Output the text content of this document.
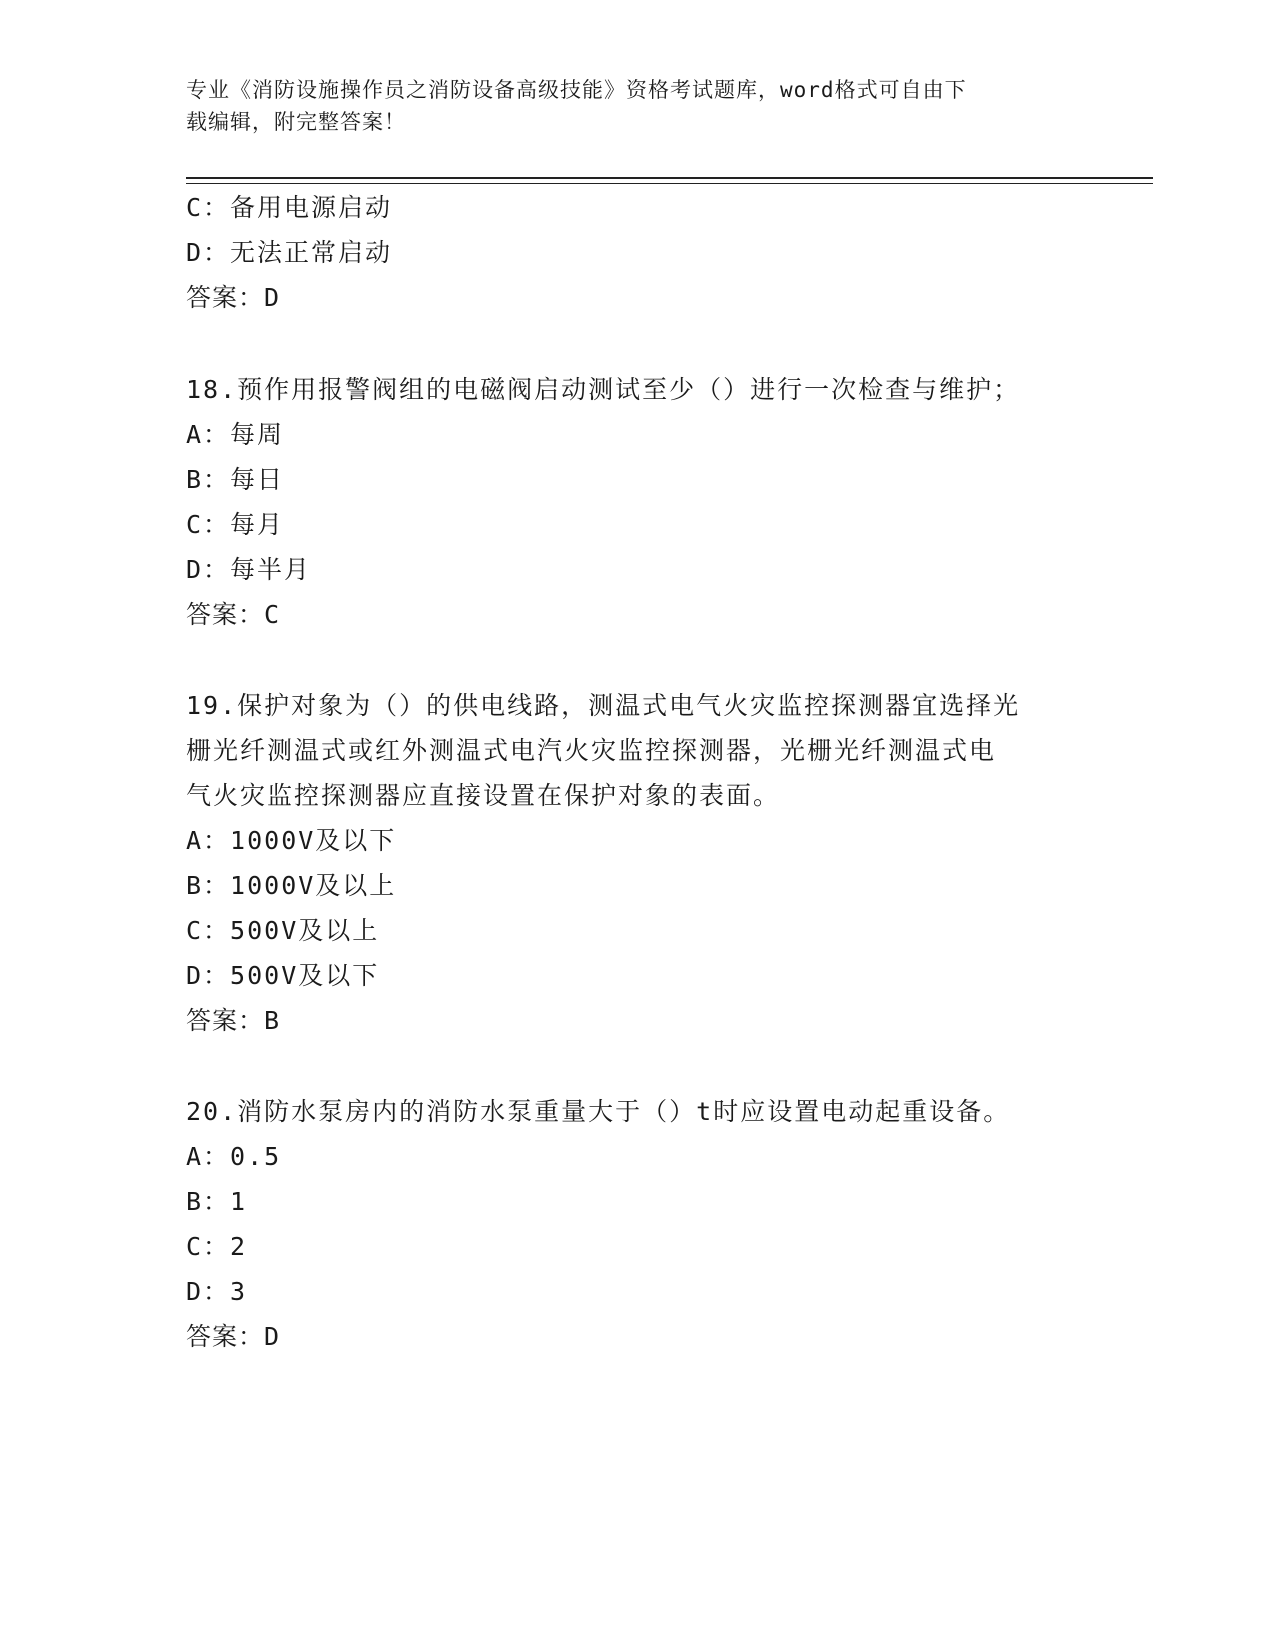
专业《消防设施操作员之消防设备高级技能》资格考试题库，word格式可自由下
载编辑，附完整答案！
C：备用电源启动
D：无法正常启动
答案：D
18.预作用报警阀组的电磁阀启动测试至少（）进行一次检查与维护；
A：每周
B：每日
C：每月
D：每半月
答案：C
19.保护对象为（）的供电线路，测温式电气火灾监控探测器宜选择光
栅光纤测温式或红外测温式电汽火灾监控探测器，光栅光纤测温式电
气火灾监控探测器应直接设置在保护对象的表面。
A：1000V及以下
B：1000V及以上
C：500V及以上
D：500V及以下
答案：B
20.消防水泵房内的消防水泵重量大于（）t时应设置电动起重设备。
A：0.5
B：1
C：2
D：3
答案：D
